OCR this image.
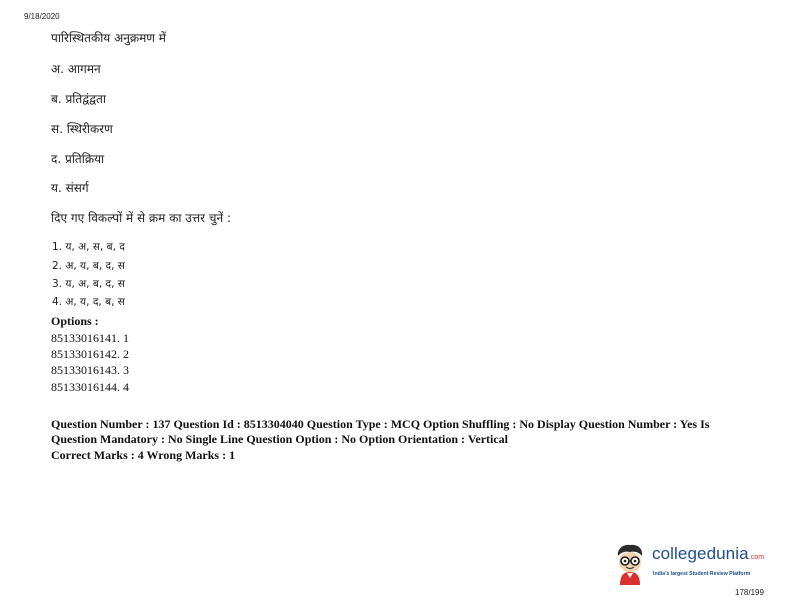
9/18/2020
पारिस्थितकीय अनुक्रमण में
अ. आगमन
ब. प्रतिद्वंद्वता
स. स्थिरीकरण
द. प्रतिक्रिया
य. संसर्ग
दिए गए विकल्पों में से क्रम का उत्तर चुनें :
1. य, अ, स, ब, द
2. अ, य, ब, द, स
3. य, अ, ब, द, स
4. अ, य, द, ब, स
Options :
85133016141. 1
85133016142. 2
85133016143. 3
85133016144. 4
Question Number : 137 Question Id : 8513304040 Question Type : MCQ Option Shuffling : No Display Question Number : Yes Is
Question Mandatory : No Single Line Question Option : No Option Orientation : Vertical
Correct Marks : 4 Wrong Marks : 1
collegedunia.com
India's largest Student Review Platform
178/199
